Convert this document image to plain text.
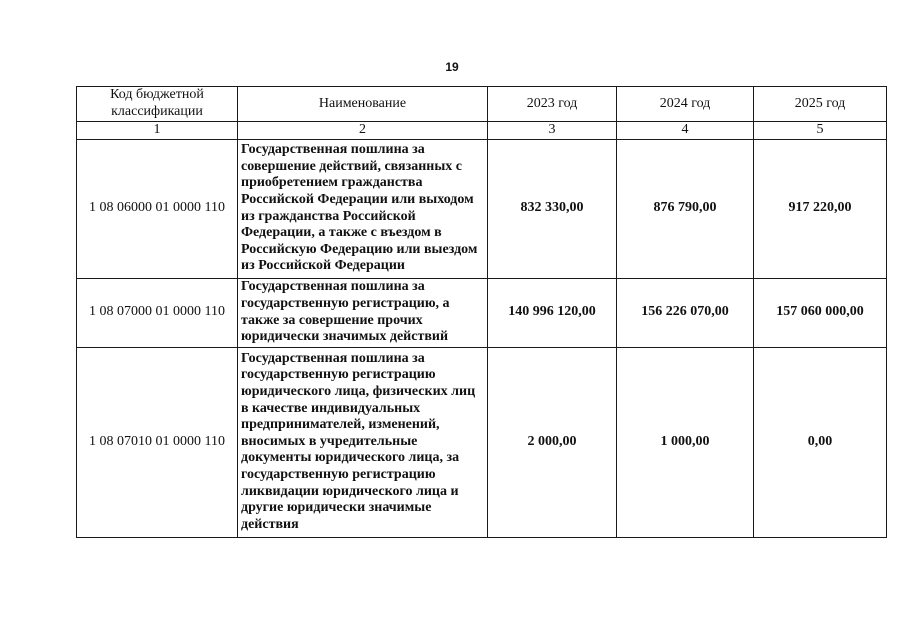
19
Код бюджетной классификации	Наименование	2023 год	2024 год	2025 год
1	2	3	4	5
1 08 06000 01 0000 110	Государственная пошлина за совершение действий, связанных с приобретением гражданства Российской Федерации или выходом из гражданства Российской Федерации, а также с въездом в Российскую Федерацию или выездом из Российской Федерации	832 330,00	876 790,00	917 220,00
1 08 07000 01 0000 110	Государственная пошлина за государственную регистрацию, а также за совершение прочих юридически значимых действий	140 996 120,00	156 226 070,00	157 060 000,00
1 08 07010 01 0000 110	Государственная пошлина за государственную регистрацию юридического лица, физических лиц в качестве индивидуальных предпринимателей, изменений, вносимых в учредительные документы юридического лица, за государственную регистрацию ликвидации юридического лица и другие юридически значимые действия	2 000,00	1 000,00	0,00
